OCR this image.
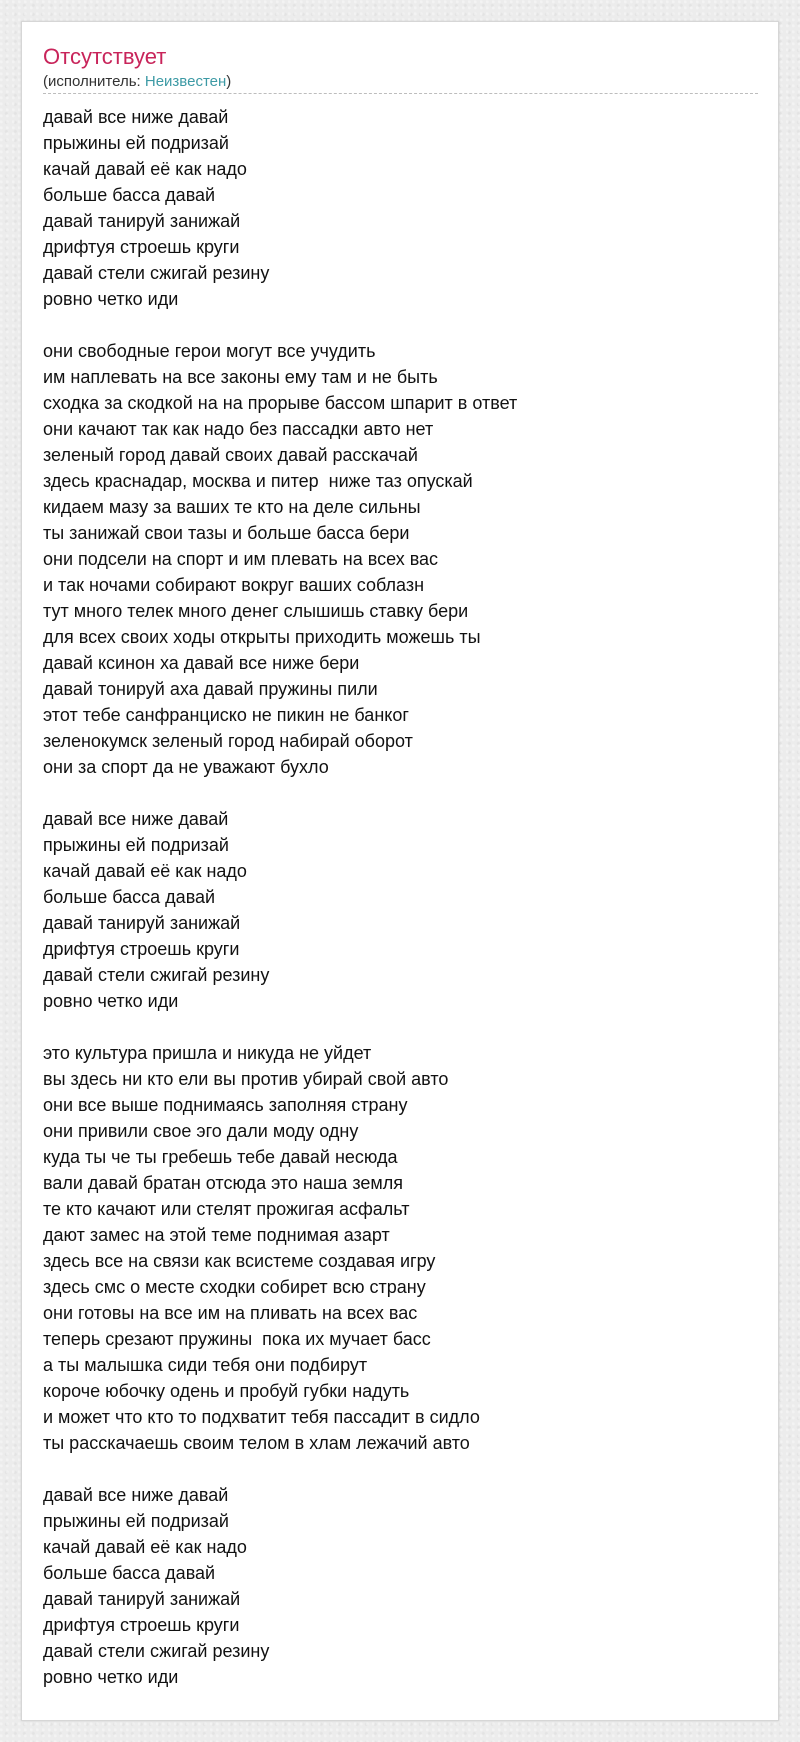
Отсутствует
(исполнитель: Неизвестен)
давай все ниже давай
прыжины ей подризай
качай давай её как надо
больше басса давай
давай танируй занижай
дрифтуя строешь круги
давай стели сжигай резину
ровно четко иди
они свободные герои могут все учудить
им наплевать на все законы ему там и не быть
сходка за скодкой на на прорыве бассом шпарит в ответ
они качают так как надо без пассадки авто нет
зеленый город давай своих давай расскачай
здесь краснадар, москва и питер  ниже таз опускай
кидаем мазу за ваших те кто на деле сильны
ты занижай свои тазы и больше басса бери
они подсели на спорт и им плевать на всех вас
и так ночами собирают вокруг ваших соблазн
тут много телек много денег слышишь ставку бери
для всех своих ходы открыты приходить можешь ты
давай ксинон ха давай все ниже бери
давай тонируй аха давай пружины пили
этот тебе санфранциско не пикин не банког
зеленокумск зеленый город набирай оборот
они за спорт да не уважают бухло
давай все ниже давай
прыжины ей подризай
качай давай её как надо
больше басса давай
давай танируй занижай
дрифтуя строешь круги
давай стели сжигай резину
ровно четко иди
это культура пришла и никуда не уйдет
вы здесь ни кто ели вы против убирай свой авто
они все выше поднимаясь заполняя страну
они привили свое эго дали моду одну
куда ты че ты гребешь тебе давай несюда
вали давай братан отсюда это наша земля
те кто качают или стелят прожигая асфальт
дают замес на этой теме поднимая азарт
здесь все на связи как всистеме создавая игру
здесь смс о месте сходки собирет всю страну
они готовы на все им на пливать на всех вас
теперь срезают пружины  пока их мучает басс
а ты малышка сиди тебя они подбирут
короче юбочку одень и пробуй губки надуть
и может что кто то подхватит тебя пассадит в сидло
ты расскачаешь своим телом в хлам лежачий авто
давай все ниже давай
прыжины ей подризай
качай давай её как надо
больше басса давай
давай танируй занижай
дрифтуя строешь круги
давай стели сжигай резину
ровно четко иди
